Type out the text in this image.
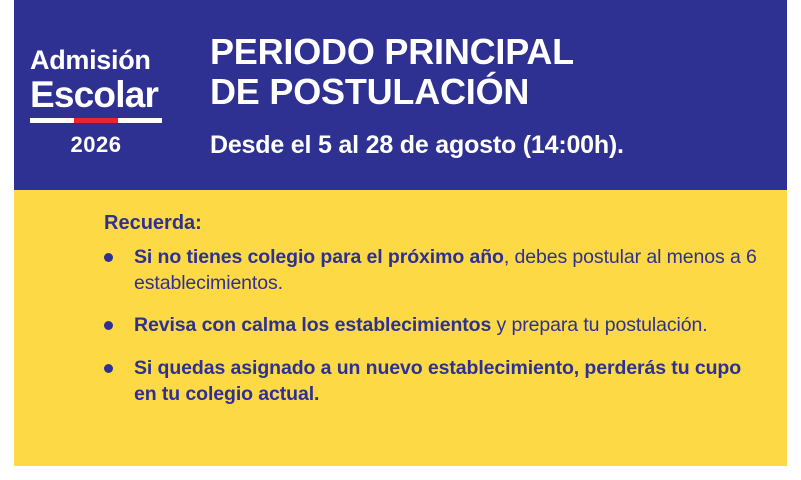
Admisión
Escolar
2026
PERIODO PRINCIPAL
DE POSTULACIÓN
Desde el 5 al 28 de agosto (14:00h).
Recuerda:
Si no tienes colegio para el próximo año, debes postular al menos a 6 establecimientos.
Revisa con calma los establecimientos y prepara tu postulación.
Si quedas asignado a un nuevo establecimiento, perderás tu cupo en tu colegio actual.
